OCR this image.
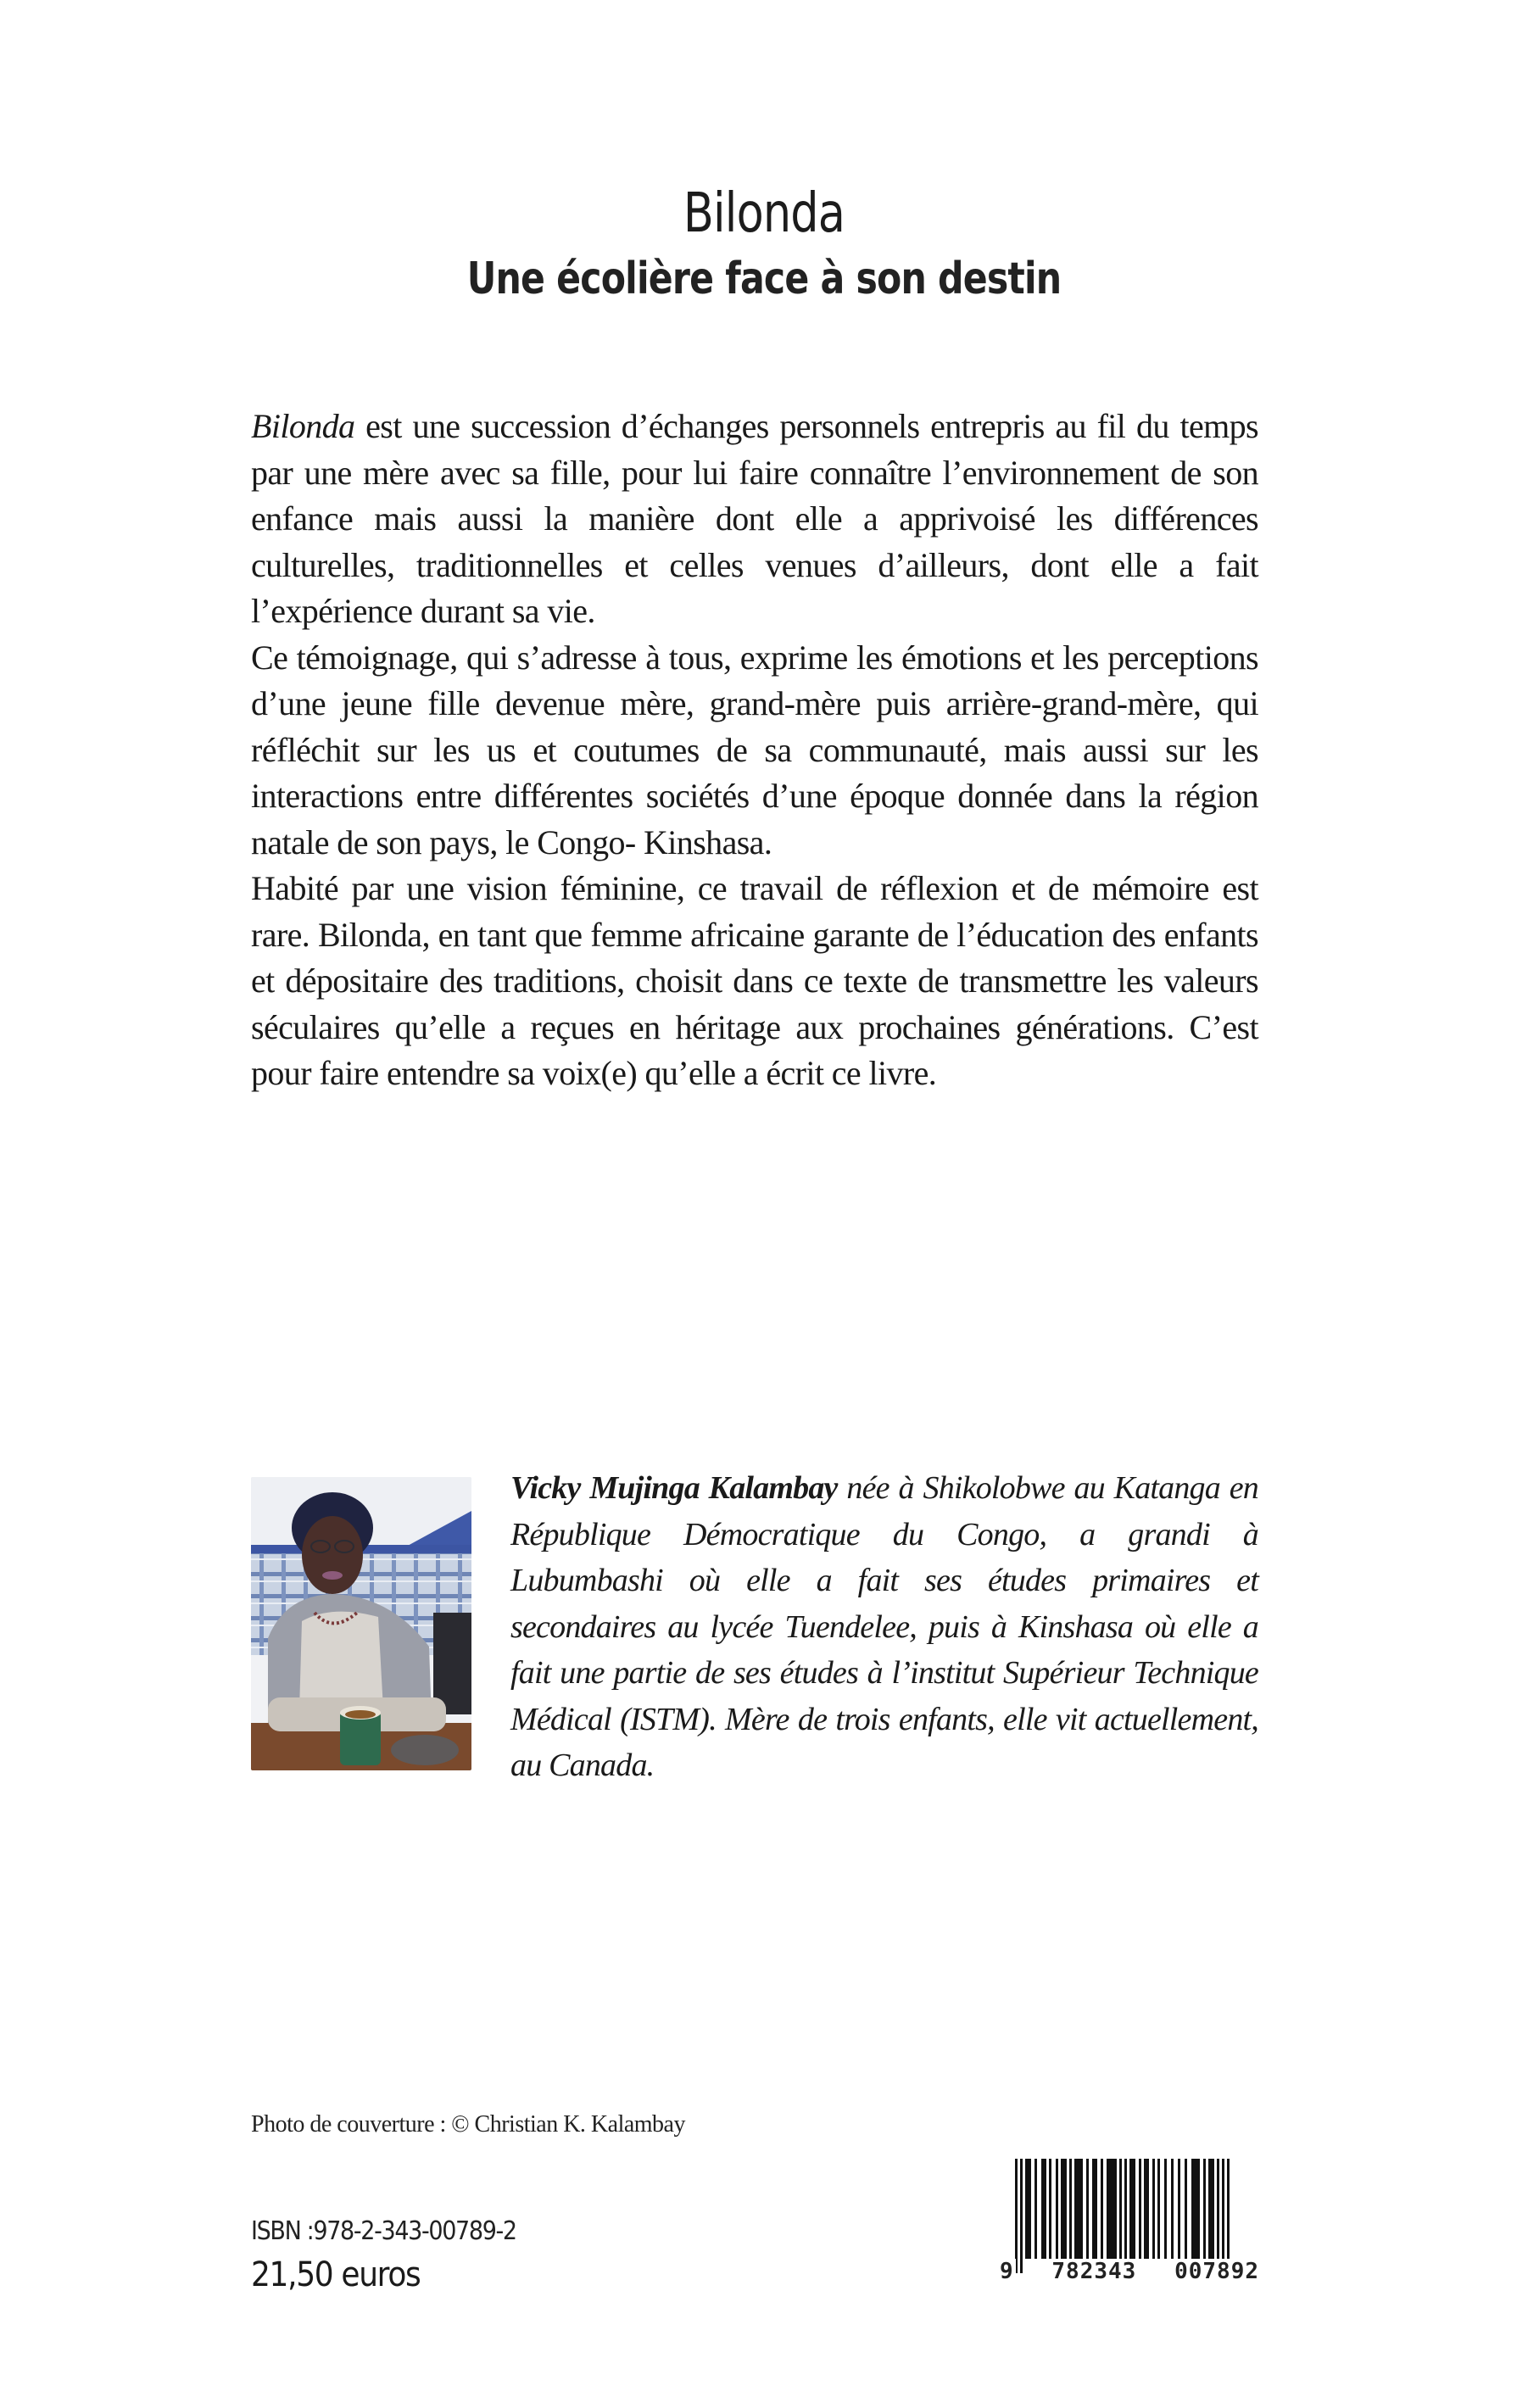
Bilonda
Une écolière face à son destin

Bilonda est une succession d’échanges personnels entrepris au fil du temps par une mère avec sa fille, pour lui faire connaître l’environnement de son enfance mais aussi la manière dont elle a apprivoisé les différences culturelles, traditionnelles et celles venues d’ailleurs, dont elle a fait l’expérience durant sa vie.

Ce témoignage, qui s’adresse à tous, exprime les émotions et les perceptions d’une jeune fille devenue mère, grand-mère puis arrière-grand-mère, qui réfléchit sur les us et coutumes de sa communauté, mais aussi sur les interactions entre différentes sociétés d’une époque donnée dans la région natale de son pays, le Congo- Kinshasa.

Habité par une vision féminine, ce travail de réflexion et de mémoire est rare. Bilonda, en tant que femme africaine garante de l’éducation des enfants et dépositaire des traditions, choisit dans ce texte de transmettre les valeurs séculaires qu’elle a reçues en héritage aux prochaines générations. C’est pour faire entendre sa voix(e) qu’elle a écrit ce livre.

Vicky Mujinga Kalambay née à Shikolobwe au Katanga en République Démocratique du Congo, a grandi à Lubumbashi où elle a fait ses études primaires et secondaires au lycée Tuendelee, puis à Kinshasa où elle a fait une partie de ses études à l’institut Supérieur Technique Médical (ISTM). Mère de trois enfants, elle vit actuellement, au Canada.
Photo de couverture : © Christian K. Kalambay
ISBN :978-2-343-00789-2
21,50 euros	9 782343 007892
